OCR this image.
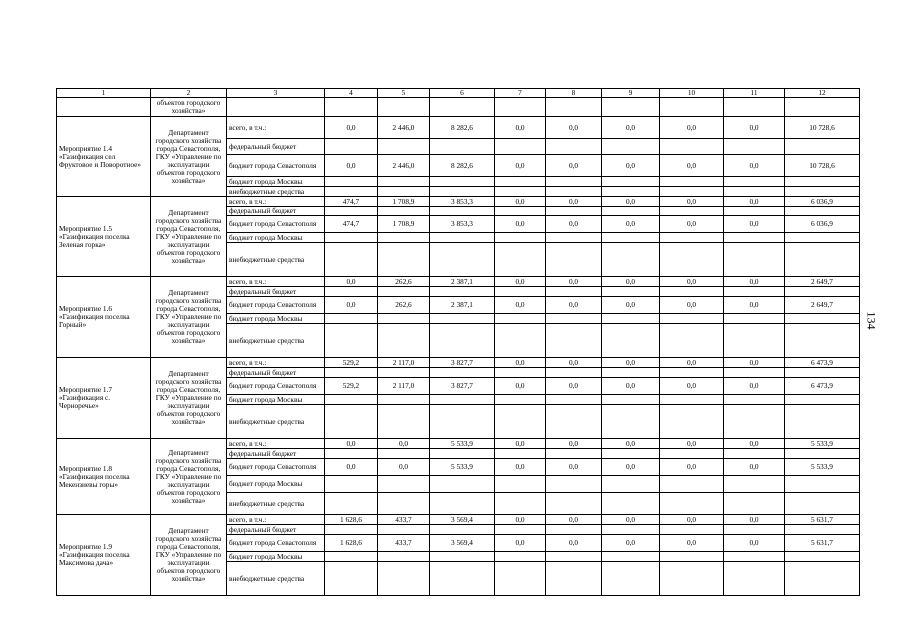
1	2	3	4	5	6	7	8	9	10	11	12
	объектов городского хозяйства»										
Мероприятие 1.4 «Газификация сел Фруктовое и Поворотное»	Департамент городского хозяйства города Севастополя, ГКУ «Управление по эксплуатации объектов городского хозяйства»	всего, в т.ч.:	0,0	2 446,0	8 282,6	0,0	0,0	0,0	0,0	0,0	10 728,6
		федеральный бюджет									
		бюджет города Севастополя	0,0	2 446,0	8 282,6	0,0	0,0	0,0	0,0	0,0	10 728,6
		бюджет города Москвы									
		внебюджетные средства									
Мероприятие 1.5 «Газификация поселка Зеленая горка»	Департамент городского хозяйства города Севастополя, ГКУ «Управление по эксплуатации объектов городского хозяйства»	всего, в т.ч.:	474,7	1 708,9	3 853,3	0,0	0,0	0,0	0,0	0,0	6 036,9
		федеральный бюджет									
		бюджет города Севастополя	474,7	1 708,9	3 853,3	0,0	0,0	0,0	0,0	0,0	6 036,9
		бюджет города Москвы									
		внебюджетные средства									
Мероприятие 1.6 «Газификация поселка Горный»	Департамент городского хозяйства города Севастополя, ГКУ «Управление по эксплуатации объектов городского хозяйства»	всего, в т.ч.:	0,0	262,6	2 387,1	0,0	0,0	0,0	0,0	0,0	2 649,7
		федеральный бюджет									
		бюджет города Севастополя	0,0	262,6	2 387,1	0,0	0,0	0,0	0,0	0,0	2 649,7
		бюджет города Москвы									
		внебюджетные средства									
Мероприятие 1.7 «Газификация с. Черноречье»	Департамент городского хозяйства города Севастополя, ГКУ «Управление по эксплуатации объектов городского хозяйства»	всего, в т.ч.:	529,2	2 117,0	3 827,7	0,0	0,0	0,0	0,0	0,0	6 473,9
		федеральный бюджет									
		бюджет города Севастополя	529,2	2 117,0	3 827,7	0,0	0,0	0,0	0,0	0,0	6 473,9
		бюджет города Москвы									
		внебюджетные средства									
Мероприятие 1.8 «Газификация поселка Мекензиевы горы»	Департамент городского хозяйства города Севастополя, ГКУ «Управление по эксплуатации объектов городского хозяйства»	всего, в т.ч.:	0,0	0,0	5 533,9	0,0	0,0	0,0	0,0	0,0	5 533,9
		федеральный бюджет									
		бюджет города Севастополя	0,0	0,0	5 533,9	0,0	0,0	0,0	0,0	0,0	5 533,9
		бюджет города Москвы									
		внебюджетные средства									
Мероприятие 1.9 «Газификация поселка Максимова дача»	Департамент городского хозяйства города Севастополя, ГКУ «Управление по эксплуатации объектов городского хозяйства»	всего, в т.ч.:	1 628,6	433,7	3 569,4	0,0	0,0	0,0	0,0	0,0	5 631,7
		федеральный бюджет									
		бюджет города Севастополя	1 628,6	433,7	3 569,4	0,0	0,0	0,0	0,0	0,0	5 631,7
		бюджет города Москвы									
		внебюджетные средства									
134
